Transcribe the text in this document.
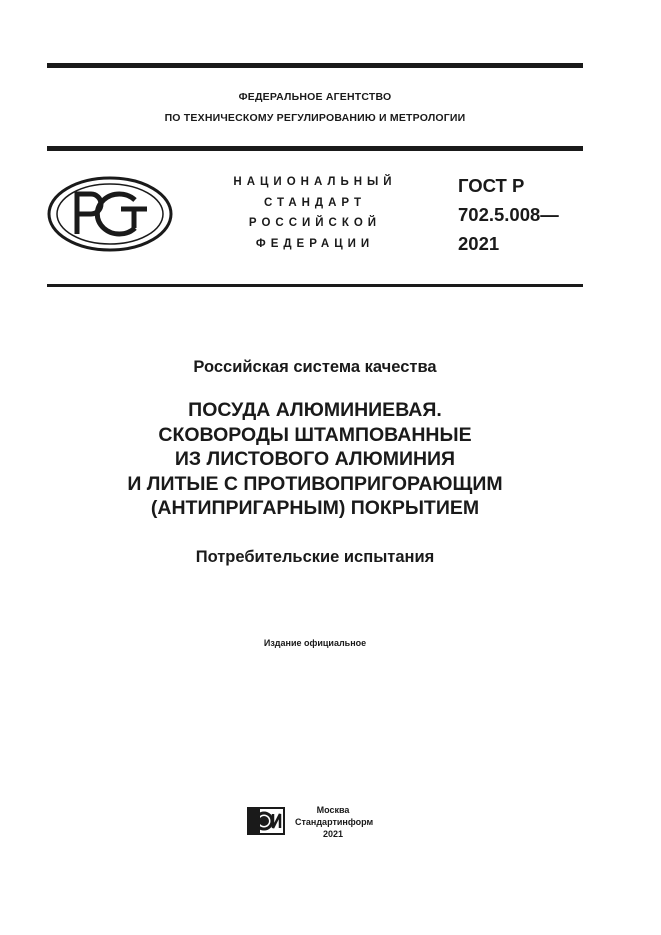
ФЕДЕРАЛЬНОЕ АГЕНТСТВО
ПО ТЕХНИЧЕСКОМУ РЕГУЛИРОВАНИЮ И МЕТРОЛОГИИ
НАЦИОНАЛЬНЫЙ
СТАНДАРТ
РОССИЙСКОЙ
ФЕДЕРАЦИИ
ГОСТ Р
702.5.008—
2021
Российская система качества
ПОСУДА АЛЮМИНИЕВАЯ.
СКОВОРОДЫ ШТАМПОВАННЫЕ
ИЗ ЛИСТОВОГО АЛЮМИНИЯ
И ЛИТЫЕ С ПРОТИВОПРИГОРАЮЩИМ
(АНТИПРИГАРНЫМ) ПОКРЫТИЕМ
Потребительские испытания
Издание официальное
Москва
Стандартинформ
2021
